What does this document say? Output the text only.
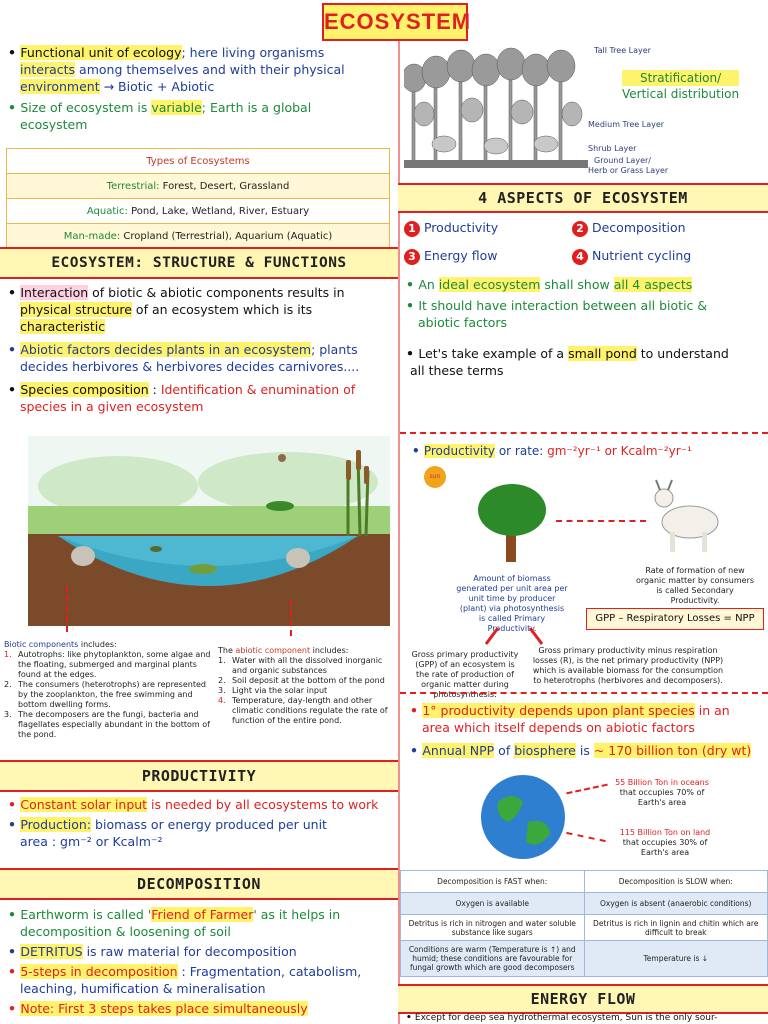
ECOSYSTEM
• Functional unit of ecology; here living organisms
interacts among themselves and with their physical
environment → Biotic + Abiotic
• Size of ecosystem is variable; Earth is a global
ecosystem
Types of Ecosystems
Terrestrial: Forest, Desert, Grassland
Aquatic: Pond, Lake, Wetland, River, Estuary
Man-made: Cropland (Terrestrial), Aquarium (Aquatic)
Tall Tree Layer
Medium Tree Layer
Shrub Layer
Ground Layer/
Herb or Grass Layer
Stratification/
Vertical distribution
4 ASPECTS OF ECOSYSTEM
1 Productivity	2 Decomposition
3 Energy flow	4 Nutrient cycling
• An ideal ecosystem shall show all 4 aspects
• It should have interaction between all biotic &
abiotic factors
• Let's take example of a small pond to understand
all these terms
ECOSYSTEM: STRUCTURE & FUNCTIONS
• Interaction of biotic & abiotic components results in
physical structure of an ecosystem which is its
characteristic
• Abiotic factors decides plants in an ecosystem; plants
decides herbivores & herbivores decides carnivores....
• Species composition : Identification & enumination of
species in a given ecosystem
Biotic components includes:
1. Autotrophs: like phytoplankton, some algae and the floating, submerged and marginal plants found at the edges.
2. The consumers (heterotrophs) are represented by the zooplankton, the free swimming and bottom dwelling forms.
3. The decomposers are the fungi, bacteria and flagellates especially abundant in the bottom of the pond.
The abiotic component includes:
1. Water with all the dissolved inorganic and organic substances
2. Soil deposit at the bottom of the pond
3. Light via the solar input
4. Temperature, day-length and other climatic conditions regulate the rate of function of the entire pond.
• Productivity or rate: gm⁻²yr⁻¹ or Kcalm⁻²yr⁻¹
sun
Amount of biomass generated per unit area per unit time by producer (plant) via photosynthesis is called Primary Productivity.
Rate of formation of new organic matter by consumers is called Secondary Productivity.
GPP – Respiratory Losses = NPP
Gross primary productivity (GPP) of an ecosystem is the rate of production of organic matter during photosynthesis.
Gross primary productivity minus respiration losses (R), is the net primary productivity (NPP) which is available biomass for the consumption to heterotrophs (herbivores and decomposers).
PRODUCTIVITY
• Constant solar input is needed by all ecosystems to work
• Production: biomass or energy produced per unit
area : gm⁻² or Kcalm⁻²
• 1° productivity depends upon plant species in an
area which itself depends on abiotic factors
• Annual NPP of biosphere is ~ 170 billion ton (dry wt)
55 Billion Ton in oceans
that occupies 70% of
Earth's area
115 Billion Ton on land
that occupies 30% of
Earth's area
DECOMPOSITION
• Earthworm is called 'Friend of Farmer' as it helps in
decomposition & loosening of soil
• DETRITUS is raw material for decomposition
• 5-steps in decomposition : Fragmentation, catabolism,
leaching, humification & mineralisation
• Note: First 3 steps takes place simultaneously
Decomposition is FAST when:	Decomposition is SLOW when:
Oxygen is available	Oxygen is absent (anaerobic conditions)
Detritus is rich in nitrogen and water soluble substance like sugars	Detritus is rich in lignin and chitin which are difficult to break
Conditions are warm (Temperature is ↑) and humid; these conditions are favourable for fungal growth which are good decomposers	Temperature is ↓
ENERGY FLOW
• Except for deep sea hydrothermal ecosystem, Sun is the only sour-
